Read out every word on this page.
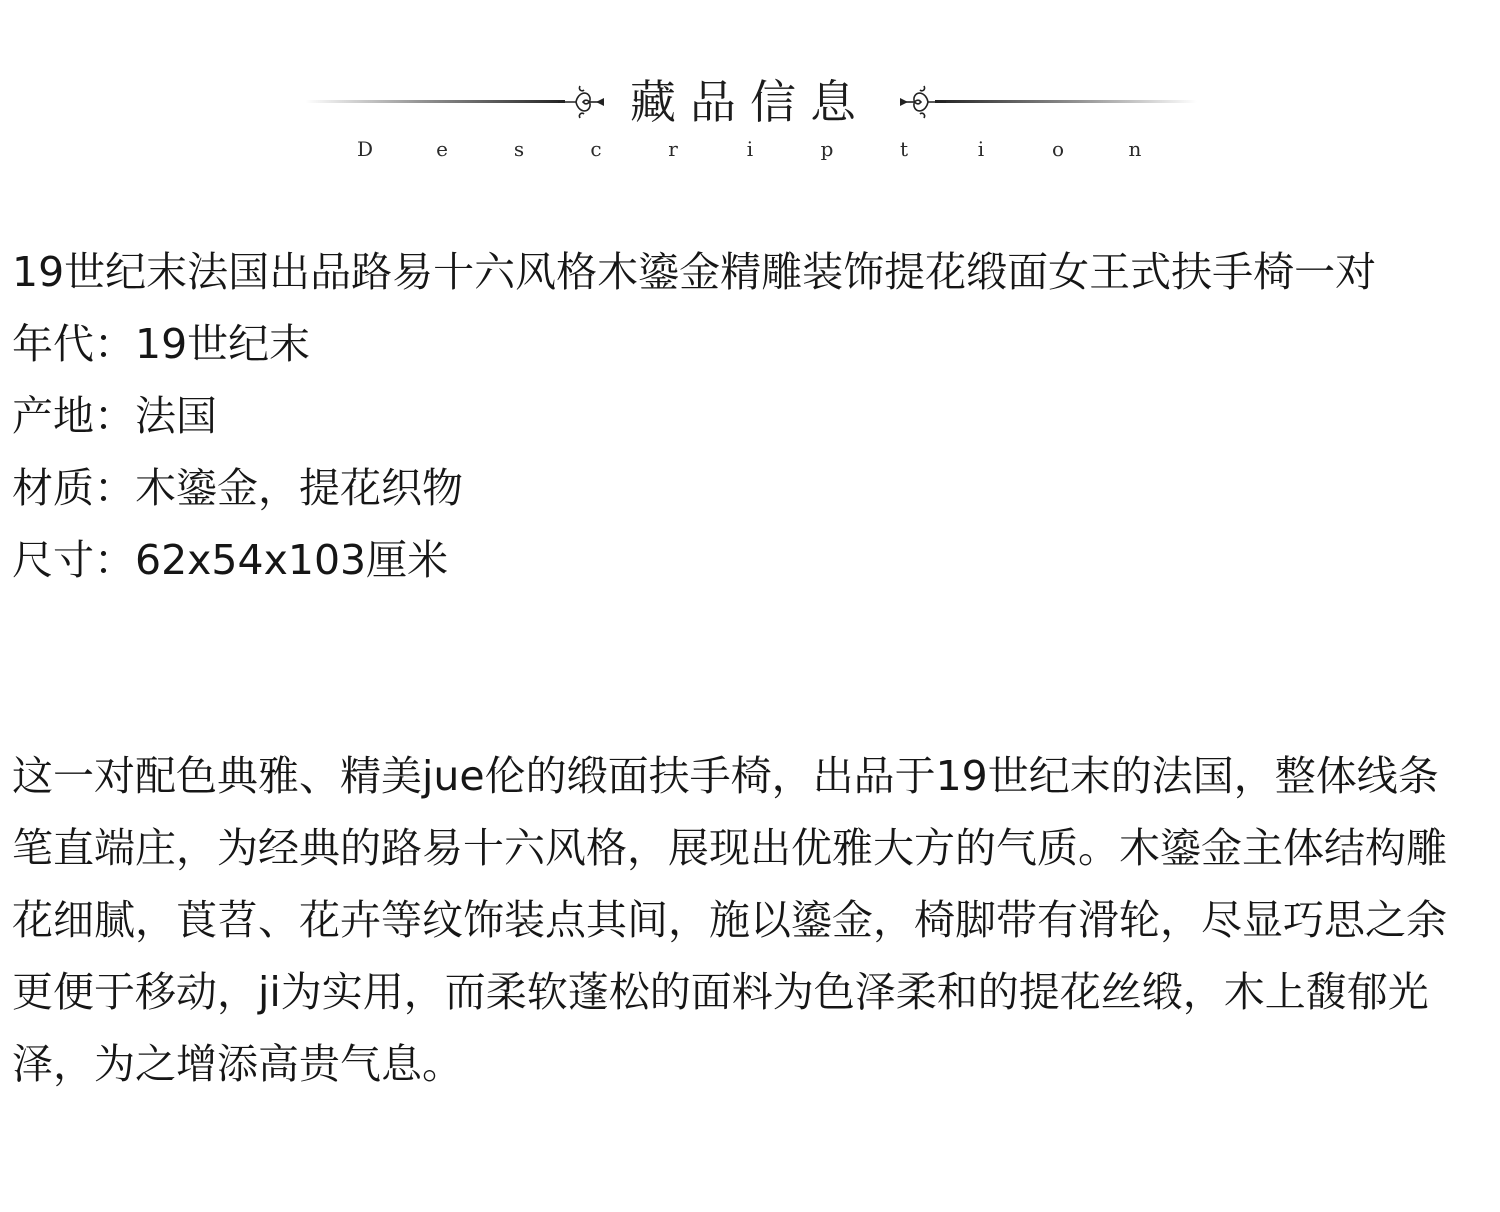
藏品信息
D	e	s	c	r	i	p	t	i	o	n

19世纪末法国出品路易十六风格木鎏金精雕装饰提花缎面女王式扶手椅一对

年代：19世纪末

产地：法国

材质：木鎏金，提花织物

尺寸：62x54x103厘米

这一对配色典雅、精美jue伦的缎面扶手椅，出品于19世纪末的法国，整体线条笔直端庄，为经典的路易十六风格，展现出优雅大方的气质。木鎏金主体结构雕花细腻，莨苕、花卉等纹饰装点其间，施以鎏金，椅脚带有滑轮，尽显巧思之余更便于移动，ji为实用，而柔软蓬松的面料为色泽柔和的提花丝缎，木上馥郁光泽，为之增添高贵气息。
